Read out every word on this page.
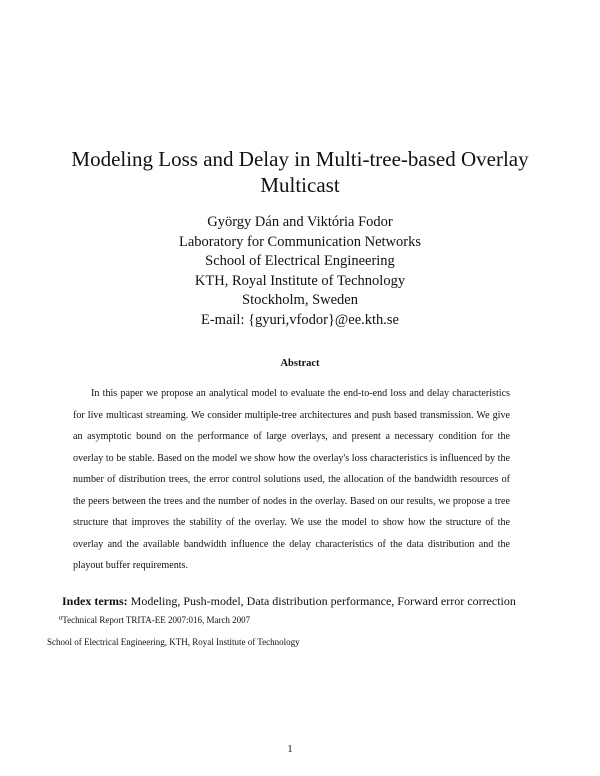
Modeling Loss and Delay in Multi-tree-based Overlay Multicast
György Dán and Viktória Fodor
Laboratory for Communication Networks
School of Electrical Engineering
KTH, Royal Institute of Technology
Stockholm, Sweden
E-mail: {gyuri,vfodor}@ee.kth.se
Abstract

In this paper we propose an analytical model to evaluate the end-to-end loss and delay characteristics for live multicast streaming. We consider multiple-tree architectures and push based transmission. We give an asymptotic bound on the performance of large overlays, and present a necessary condition for the overlay to be stable. Based on the model we show how the overlay's loss characteristics is influenced by the number of distribution trees, the error control solutions used, the allocation of the bandwidth resources of the peers between the trees and the number of nodes in the overlay. Based on our results, we propose a tree structure that improves the stability of the overlay. We use the model to show how the structure of the overlay and the available bandwidth influence the delay characteristics of the data distribution and the playout buffer requirements.

Index terms: Modeling, Push-model, Data distribution performance, Forward error correction
$^0$Technical Report TRITA-EE 2007:016, March 2007
School of Electrical Engineering, KTH, Royal Institute of Technology
1
